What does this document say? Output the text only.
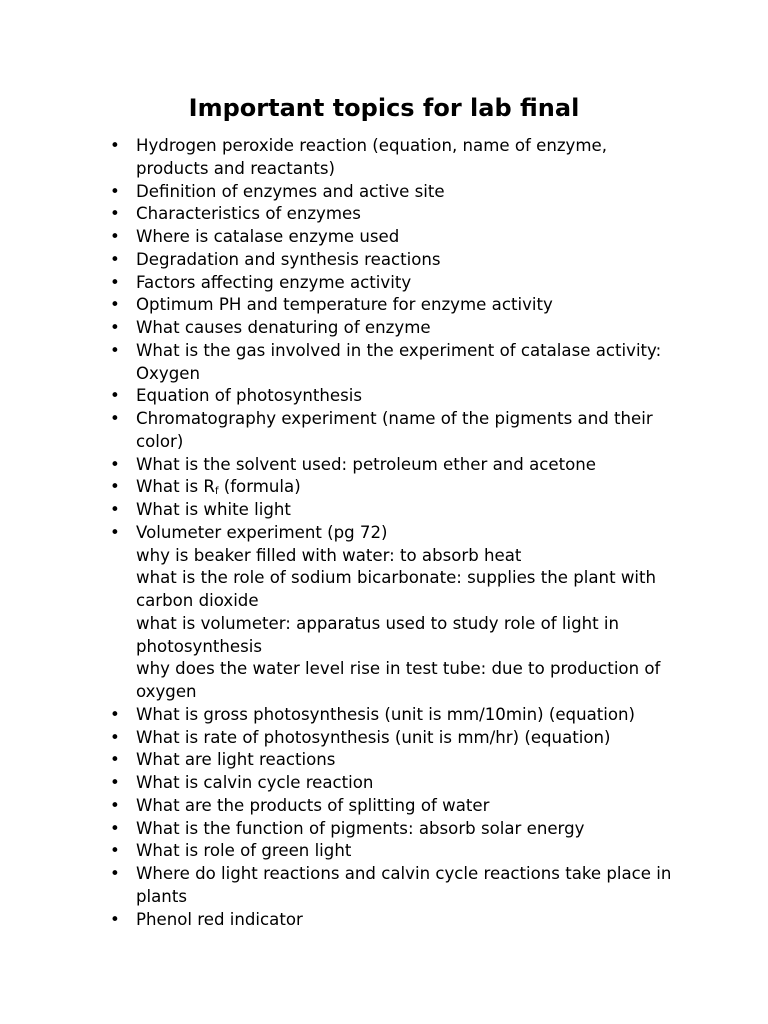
Important topics for lab final
• Hydrogen peroxide reaction (equation, name of enzyme, products and reactants)
• Definition of enzymes and active site
• Characteristics of enzymes
• Where is catalase enzyme used
• Degradation and synthesis reactions
• Factors affecting enzyme activity
• Optimum PH and temperature for enzyme activity
• What causes denaturing of enzyme
• What is the gas involved in the experiment of catalase activity: Oxygen
• Equation of photosynthesis
• Chromatography experiment (name of the pigments and their color)
• What is the solvent used: petroleum ether and acetone
• What is $R_f$ (formula)
• What is white light
• Volumeter experiment (pg 72)
why is beaker filled with water: to absorb heat
what is the role of sodium bicarbonate: supplies the plant with carbon dioxide
what is volumeter: apparatus used to study role of light in photosynthesis
why does the water level rise in test tube: due to production of oxygen
• What is gross photosynthesis (unit is mm/10min) (equation)
• What is rate of photosynthesis (unit is mm/hr) (equation)
• What are light reactions
• What is calvin cycle reaction
• What are the products of splitting of water
• What is the function of pigments: absorb solar energy
• What is role of green light
• Where do light reactions and calvin cycle reactions take place in plants
• Phenol red indicator
